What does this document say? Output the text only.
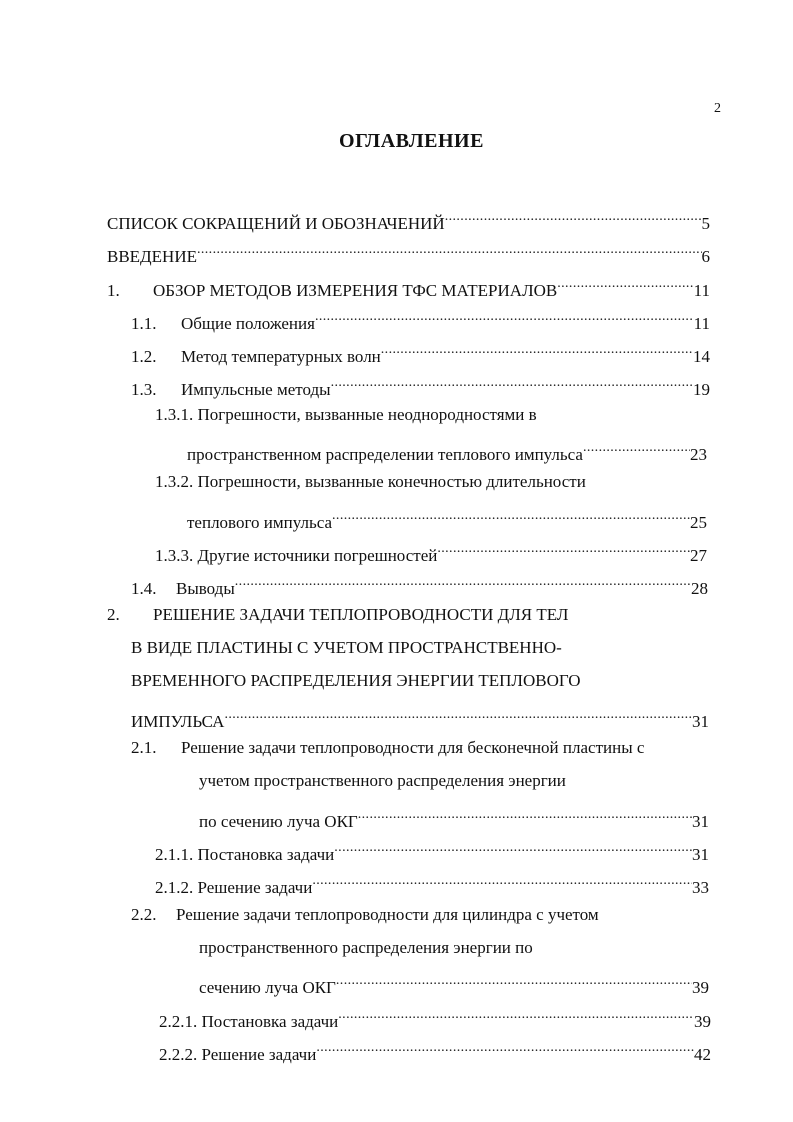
2
ОГЛАВЛЕНИЕ
СПИСОК СОКРАЩЕНИЙ И ОБОЗНАЧЕНИЙ .....	5
ВВЕДЕНИЕ .....	6
1.	ОБЗОР МЕТОДОВ ИЗМЕРЕНИЯ ТФС МАТЕРИАЛОВ .....	11
1.1.	Общие положения .....	11
1.2.	Метод температурных волн .....	14
1.3.	Импульсные методы .....	19
1.3.1. Погрешности, вызванные неоднородностями в
пространственном распределении теплового импульса .....	23
1.3.2. Погрешности, вызванные конечностью длительности
теплового импульса .....	25
1.3.3. Другие источники погрешностей .....	27
1.4.	Выводы .....	28
2. РЕШЕНИЕ ЗАДАЧИ ТЕПЛОПРОВОДНОСТИ ДЛЯ ТЕЛ
В ВИДЕ ПЛАСТИНЫ С УЧЕТОМ ПРОСТРАНСТВЕННО-
ВРЕМЕННОГО РАСПРЕДЕЛЕНИЯ ЭНЕРГИИ ТЕПЛОВОГО
ИМПУЛЬСА .....	31
2.1. Решение задачи теплопроводности для бесконечной пластины с
учетом пространственного распределения энергии
по сечению луча ОКГ .....	31
2.1.1. Постановка задачи .....	31
2.1.2. Решение задачи .....	33
2.2. Решение задачи теплопроводности для цилиндра с учетом
пространственного распределения энергии по
сечению луча ОКГ .....	39
2.2.1. Постановка задачи .....	39
2.2.2. Решение задачи .....	42
